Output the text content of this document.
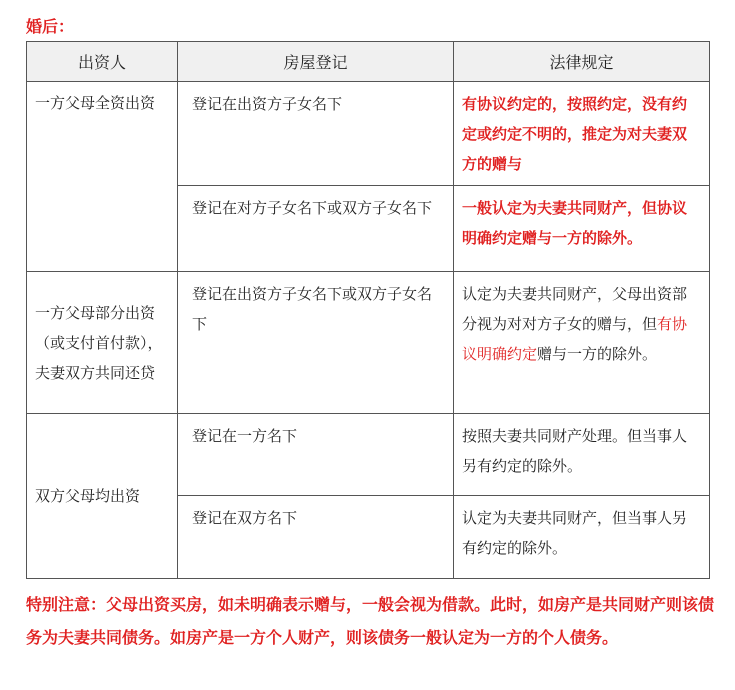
婚后：
出资人	房屋登记	法律规定
一方父母全资出资	登记在出资方子女名下	有协议约定的，按照约定，没有约定或约定不明的，推定为对夫妻双方的赠与
	登记在对方子女名下或双方子女名下	一般认定为夫妻共同财产，但协议明确约定赠与一方的除外。
一方父母部分出资（或支付首付款），夫妻双方共同还贷	登记在出资方子女名下或双方子女名下	认定为夫妻共同财产，父母出资部分视为对对方子女的赠与，但有协议明确约定赠与一方的除外。
双方父母均出资	登记在一方名下	按照夫妻共同财产处理。但当事人另有约定的除外。
	登记在双方名下	认定为夫妻共同财产，但当事人另有约定的除外。
特别注意：父母出资买房，如未明确表示赠与，一般会视为借款。此时，如房产是共同财产则该债务为夫妻共同债务。如房产是一方个人财产，则该债务一般认定为一方的个人债务。
